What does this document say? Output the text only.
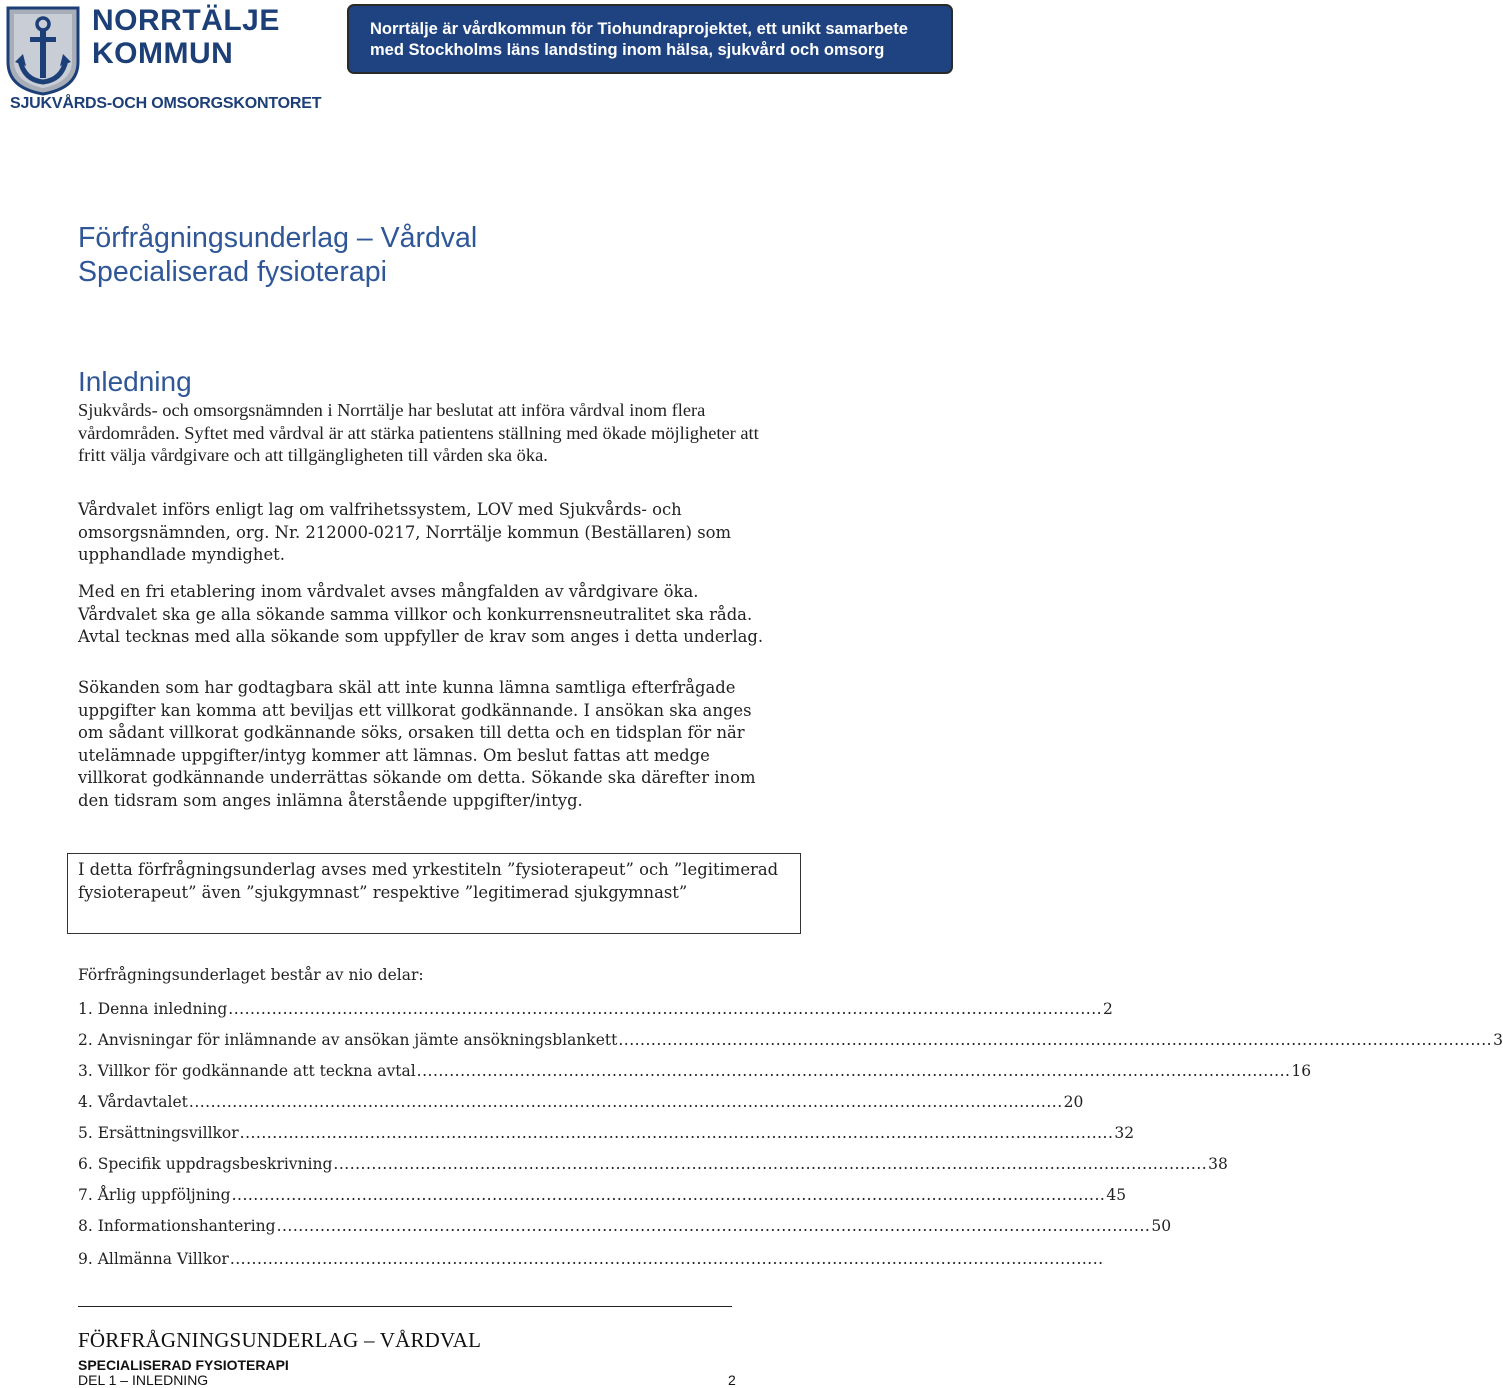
NORRTÄLJE
KOMMUN
Norrtälje är vårdkommun för Tiohundraprojektet, ett unikt samarbete
med Stockholms läns landsting inom hälsa, sjukvård och omsorg
SJUKVÅRDS-OCH OMSORGSKONTORET
Förfrågningsunderlag – Vårdval
Specialiserad fysioterapi
Inledning

Sjukvårds- och omsorgsnämnden i Norrtälje har beslutat att införa vårdval inom flera vårdområden. Syftet med vårdval är att stärka patientens ställning med ökade möjligheter att fritt välja vårdgivare och att tillgängligheten till vården ska öka.

Vårdvalet införs enligt lag om valfrihetssystem, LOV med Sjukvårds- och omsorgsnämnden, org. Nr. 212000-0217, Norrtälje kommun (Beställaren) som upphandlade myndighet.

Med en fri etablering inom vårdvalet avses mångfalden av vårdgivare öka. Vårdvalet ska ge alla sökande samma villkor och konkurrensneutralitet ska råda. Avtal tecknas med alla sökande som uppfyller de krav som anges i detta underlag.

Sökanden som har godtagbara skäl att inte kunna lämna samtliga efterfrågade uppgifter kan komma att beviljas ett villkorat godkännande. I ansökan ska anges om sådant villkorat godkännande söks, orsaken till detta och en tidsplan för när utelämnade uppgifter/intyg kommer att lämnas. Om beslut fattas att medge villkorat godkännande underrättas sökande om detta. Sökande ska därefter inom den tidsram som anges inlämna återstående uppgifter/intyg.

I detta förfrågningsunderlag avses med yrkestiteln ”fysioterapeut” och ”legitimerad fysioterapeut” även ”sjukgymnast” respektive ”legitimerad sjukgymnast”
Förfrågningsunderlaget består av nio delar:
1. Denna inledning ................................................................................................................................................................. 2
2. Anvisningar för inlämnande av ansökan jämte ansökningsblankett ................................................................................................................................................................. 3
3. Villkor för godkännande att teckna avtal ................................................................................................................................................................. 16
4. Vårdavtalet ................................................................................................................................................................. 20
5. Ersättningsvillkor ................................................................................................................................................................. 32
6. Specifik uppdragsbeskrivning ................................................................................................................................................................. 38
7. Årlig uppföljning ................................................................................................................................................................. 45
8. Informationshantering ................................................................................................................................................................. 50
9. Allmänna Villkor .................................................................................................................................................................
FÖRFRÅGNINGSUNDERLAG – VÅRDVAL
SPECIALISERAD FYSIOTERAPI
DEL 1 – INLEDNING	2
